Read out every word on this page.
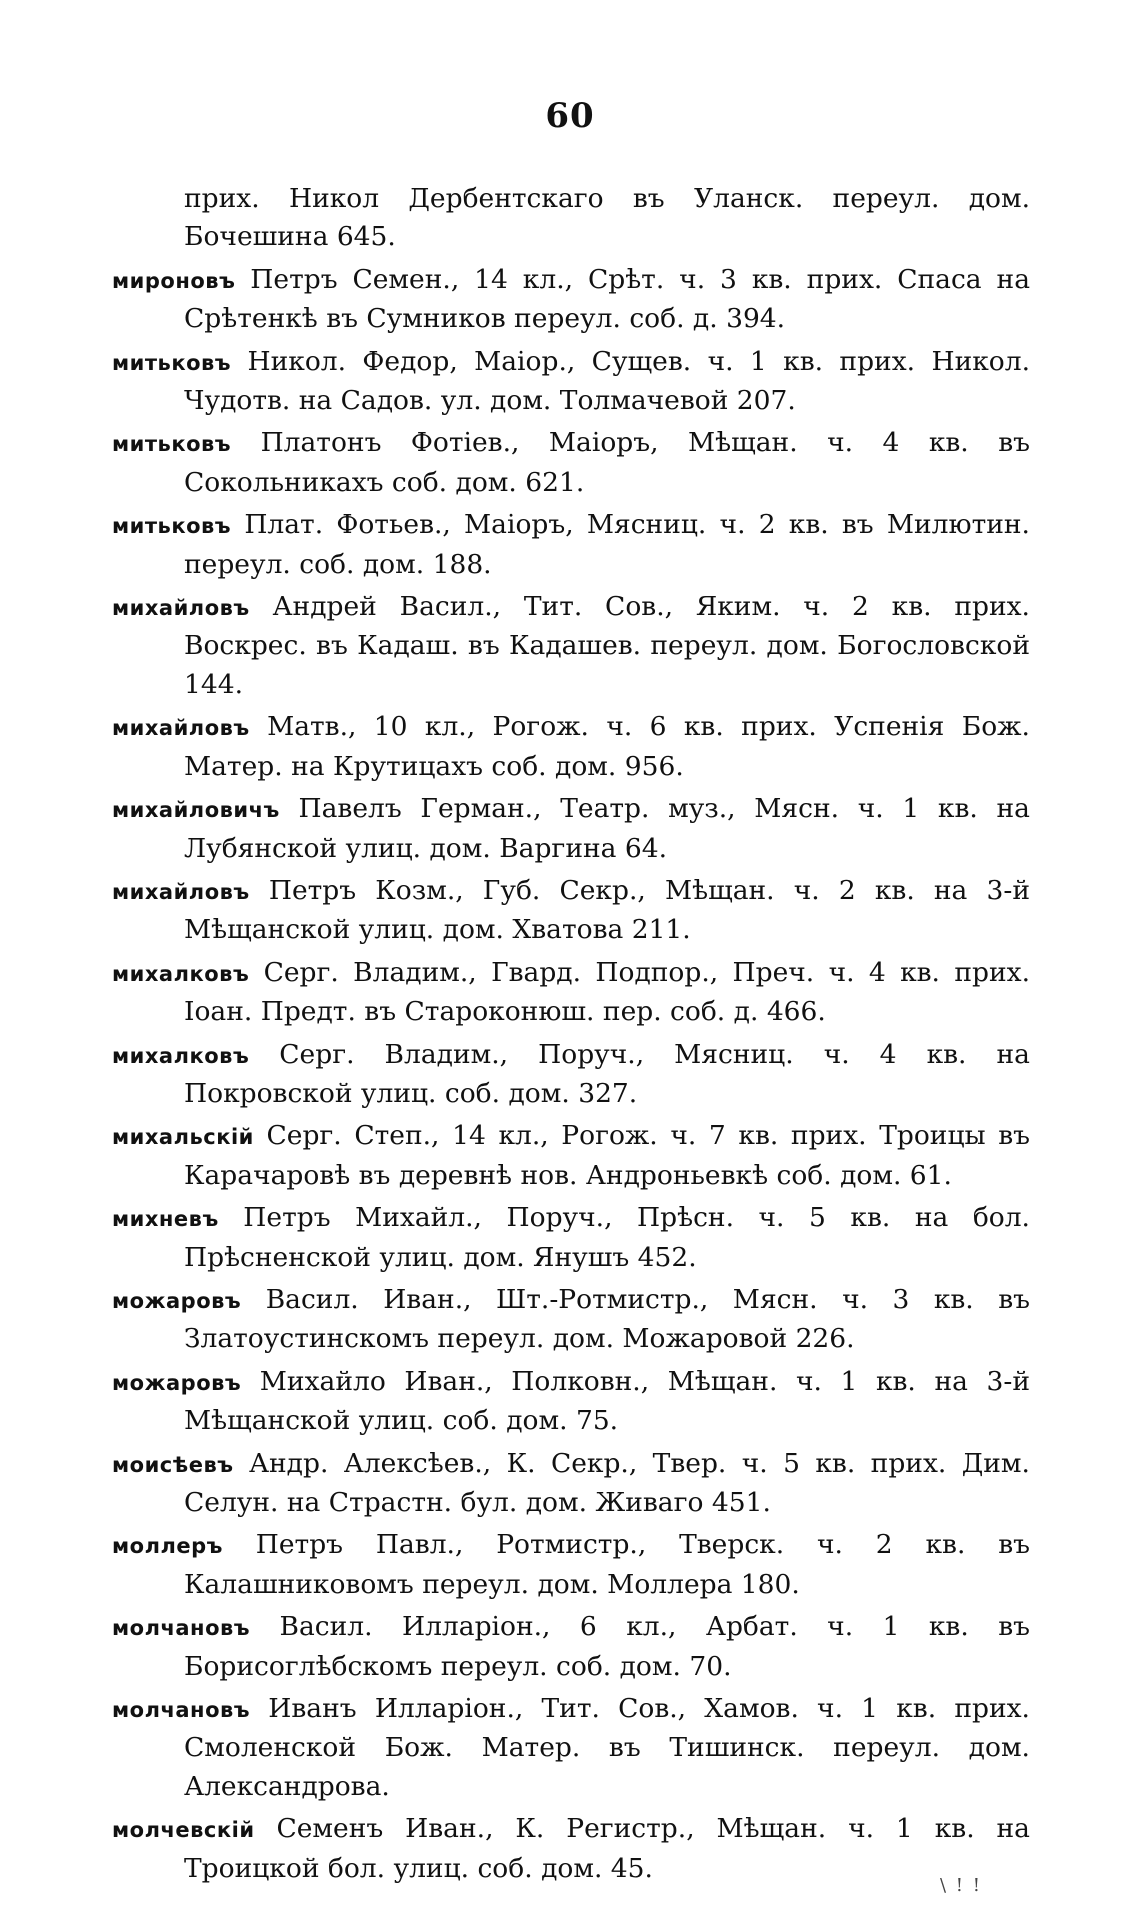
60

прих. Никол Дербентскаго въ Уланск. переул. дом. Бочешина 645.

мироновъ Петръ Семен., 14 кл., Срѣт. ч. 3 кв. прих. Спаса на Срѣтенкѣ въ Сумников переул. соб. д. 394.

митьковъ Никол. Федор, Маіор., Сущев. ч. 1 кв. прих. Никол. Чудотв. на Садов. ул. дом. Толмачевой 207.

митьковъ Платонъ Фотіев., Маіоръ, Мѣщан. ч. 4 кв. въ Сокольникахъ соб. дом. 621.

митьковъ Плат. Фотьев., Маіоръ, Мясниц. ч. 2 кв. въ Милютин. переул. соб. дом. 188.

михайловъ Андрей Васил., Тит. Сов., Яким. ч. 2 кв. прих. Воскрес. въ Кадаш. въ Кадашев. переул. дом. Богословской 144.

михайловъ Матв., 10 кл., Рогож. ч. 6 кв. прих. Успенія Бож. Матер. на Крутицахъ соб. дом. 956.

михайловичъ Павелъ Герман., Театр. муз., Мясн. ч. 1 кв. на Лубянской улиц. дом. Варгина 64.

михайловъ Петръ Козм., Губ. Секр., Мѣщан. ч. 2 кв. на 3-й Мѣщанской улиц. дом. Хватова 211.

михалковъ Серг. Владим., Гвард. Подпор., Преч. ч. 4 кв. прих. Іоан. Предт. въ Староконюш. пер. соб. д. 466.

михалковъ Серг. Владим., Поруч., Мясниц. ч. 4 кв. на Покровской улиц. соб. дом. 327.

михальскій Серг. Степ., 14 кл., Рогож. ч. 7 кв. прих. Троицы въ Карачаровѣ въ деревнѣ нов. Андроньевкѣ соб. дом. 61.

михневъ Петръ Михайл., Поруч., Прѣсн. ч. 5 кв. на бол. Прѣсненской улиц. дом. Янушъ 452.

можаровъ Васил. Иван., Шт.-Ротмистр., Мясн. ч. 3 кв. въ Златоустинскомъ переул. дом. Можаровой 226.

можаровъ Михайло Иван., Полковн., Мѣщан. ч. 1 кв. на 3-й Мѣщанской улиц. соб. дом. 75.

моисѣевъ Андр. Алексѣев., К. Секр., Твер. ч. 5 кв. прих. Дим. Селун. на Страстн. бул. дом. Живаго 451.

моллеръ Петръ Павл., Ротмистр., Тверск. ч. 2 кв. въ Калашниковомъ переул. дом. Моллера 180.

молчановъ Васил. Илларіон., 6 кл., Арбат. ч. 1 кв. въ Борисоглѣбскомъ переул. соб. дом. 70.

молчановъ Иванъ Илларіон., Тит. Сов., Хамов. ч. 1 кв. прих. Смоленской Бож. Матер. въ Тишинск. переул. дом. Александрова.

молчевскій Семенъ Иван., К. Регистр., Мѣщан. ч. 1 кв. на Троицкой бол. улиц. соб. дом. 45.

\ ! !
